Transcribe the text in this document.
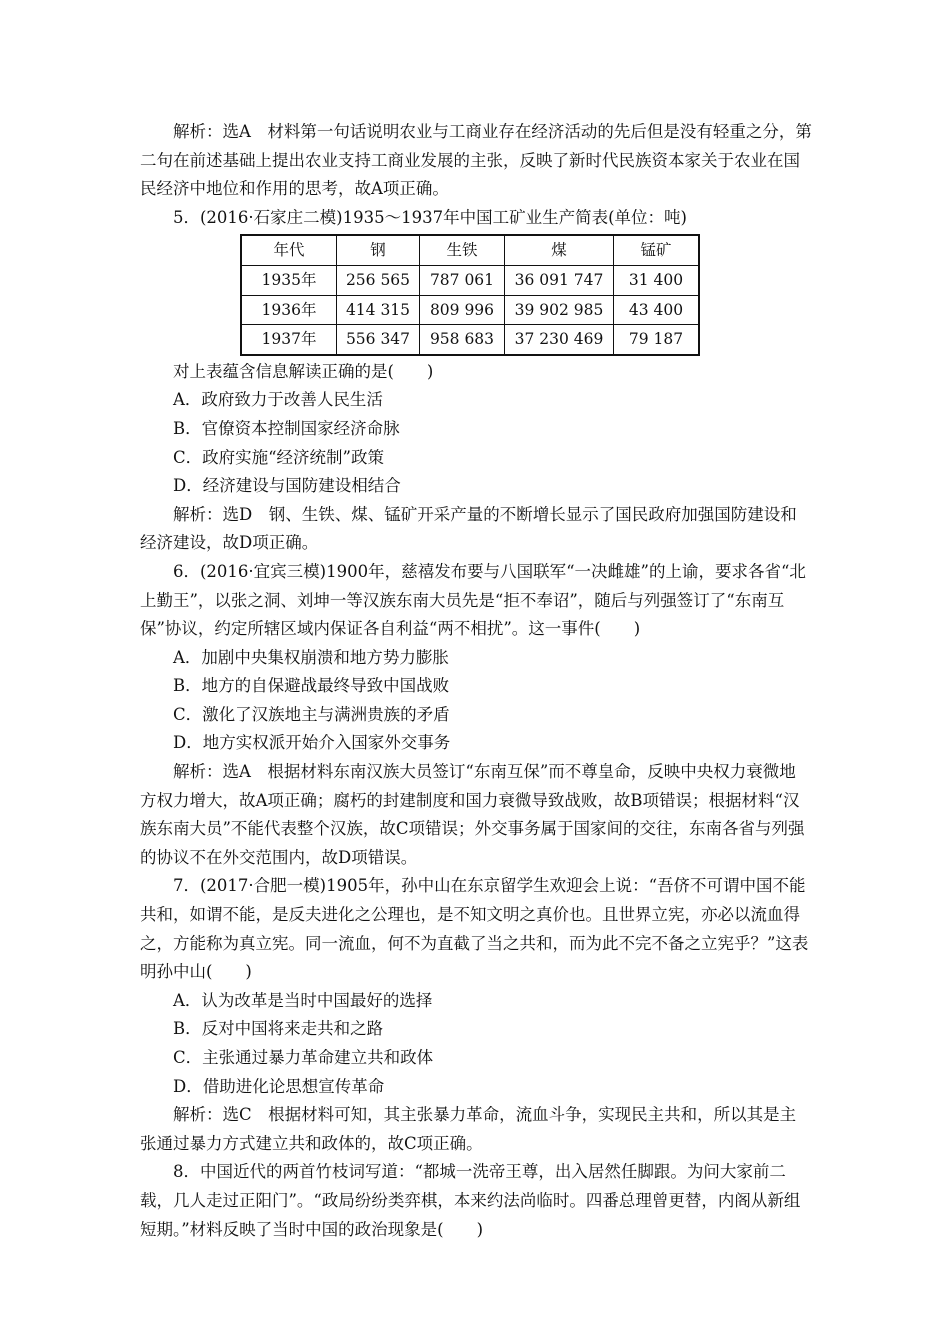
解析：选A　材料第一句话说明农业与工商业存在经济活动的先后但是没有轻重之分，第二句在前述基础上提出农业支持工商业发展的主张，反映了新时代民族资本家关于农业在国民经济中地位和作用的思考，故A项正确。

5．(2016·石家庄二模)1935～1937年中国工矿业生产简表(单位：吨)

年代	钢	生铁	煤	锰矿
1935年	256 565	787 061	36 091 747	31 400
1936年	414 315	809 996	39 902 985	43 400
1937年	556 347	958 683	37 230 469	79 187

对上表蕴含信息解读正确的是(　　)

A．政府致力于改善人民生活

B．官僚资本控制国家经济命脉

C．政府实施“经济统制”政策

D．经济建设与国防建设相结合

解析：选D　钢、生铁、煤、锰矿开采产量的不断增长显示了国民政府加强国防建设和经济建设，故D项正确。

6．(2016·宜宾三模)1900年，慈禧发布要与八国联军“一决雌雄”的上谕，要求各省“北上勤王”，以张之洞、刘坤一等汉族东南大员先是“拒不奉诏”，随后与列强签订了“东南互保”协议，约定所辖区域内保证各自利益“两不相扰”。这一事件(　　)

A．加剧中央集权崩溃和地方势力膨胀

B．地方的自保避战最终导致中国战败

C．激化了汉族地主与满洲贵族的矛盾

D．地方实权派开始介入国家外交事务

解析：选A　根据材料东南汉族大员签订“东南互保”而不尊皇命，反映中央权力衰微地方权力增大，故A项正确；腐朽的封建制度和国力衰微导致战败，故B项错误；根据材料“汉族东南大员”不能代表整个汉族，故C项错误；外交事务属于国家间的交往，东南各省与列强的协议不在外交范围内，故D项错误。

7．(2017·合肥一模)1905年，孙中山在东京留学生欢迎会上说：“吾侪不可谓中国不能共和，如谓不能，是反夫进化之公理也，是不知文明之真价也。且世界立宪，亦必以流血得之，方能称为真立宪。同一流血，何不为直截了当之共和，而为此不完不备之立宪乎？”这表明孙中山(　　)

A．认为改革是当时中国最好的选择

B．反对中国将来走共和之路

C．主张通过暴力革命建立共和政体

D．借助进化论思想宣传革命

解析：选C　根据材料可知，其主张暴力革命，流血斗争，实现民主共和，所以其是主张通过暴力方式建立共和政体的，故C项正确。

8．中国近代的两首竹枝词写道：“都城一洗帝王尊，出入居然任脚跟。为问大家前二载，几人走过正阳门”。“政局纷纷类弈棋，本来约法尚临时。四番总理曾更替，内阁从新组短期。”材料反映了当时中国的政治现象是(　　)
